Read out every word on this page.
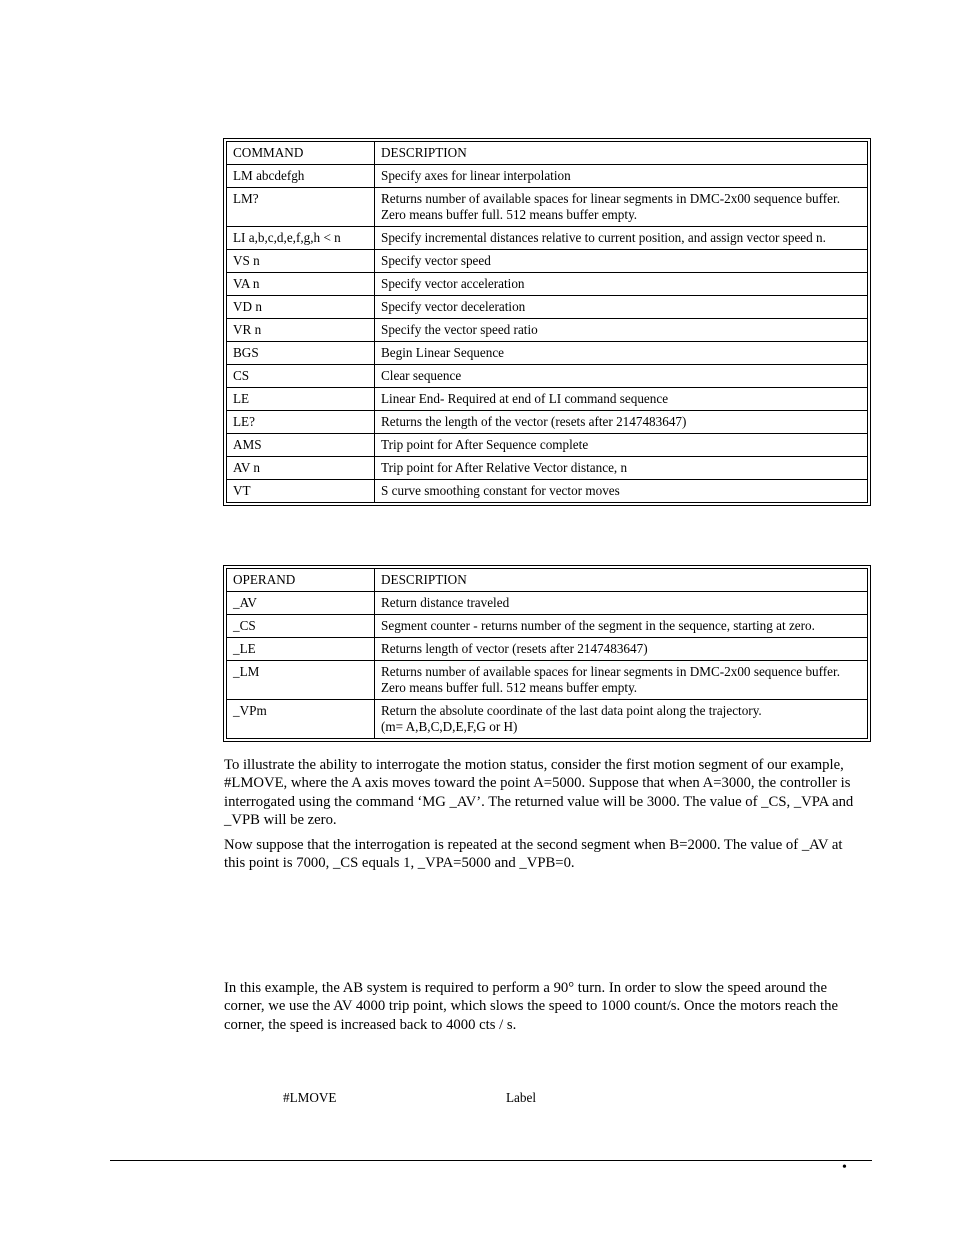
COMMAND	DESCRIPTION
LM abcdefgh	Specify axes for linear interpolation
LM?	Returns number of available spaces for linear segments in DMC-2x00 sequence buffer. Zero means buffer full. 512 means buffer empty.
LI a,b,c,d,e,f,g,h < n	Specify incremental distances relative to current position, and assign vector speed n.
VS n	Specify vector speed
VA n	Specify vector acceleration
VD n	Specify vector deceleration
VR n	Specify the vector speed ratio
BGS	Begin Linear Sequence
CS	Clear sequence
LE	Linear End- Required at end of LI command sequence
LE?	Returns the length of the vector (resets after 2147483647)
AMS	Trip point for After Sequence complete
AV n	Trip point for After Relative Vector distance, n
VT	S curve smoothing constant for vector moves
OPERAND	DESCRIPTION
_AV	Return distance traveled
_CS	Segment counter - returns number of the segment in the sequence, starting at zero.
_LE	Returns length of vector (resets after 2147483647)
_LM	Returns number of available spaces for linear segments in DMC-2x00 sequence buffer. Zero means buffer full. 512 means buffer empty.
_VPm	Return the absolute coordinate of the last data point along the trajectory.
(m= A,B,C,D,E,F,G or H)

To illustrate the ability to interrogate the motion status, consider the first motion segment of our example, #LMOVE, where the A axis moves toward the point A=5000. Suppose that when A=3000, the controller is interrogated using the command ‘MG _AV’. The returned value will be 3000. The value of _CS, _VPA and _VPB will be zero.

Now suppose that the interrogation is repeated at the second segment when B=2000. The value of _AV at this point is 7000, _CS equals 1, _VPA=5000 and _VPB=0.

In this example, the AB system is required to perform a 90° turn. In order to slow the speed around the corner, we use the AV 4000 trip point, which slows the speed to 1000 count/s. Once the motors reach the corner, the speed is increased back to 4000 cts / s.

#LMOVE	Label
•
